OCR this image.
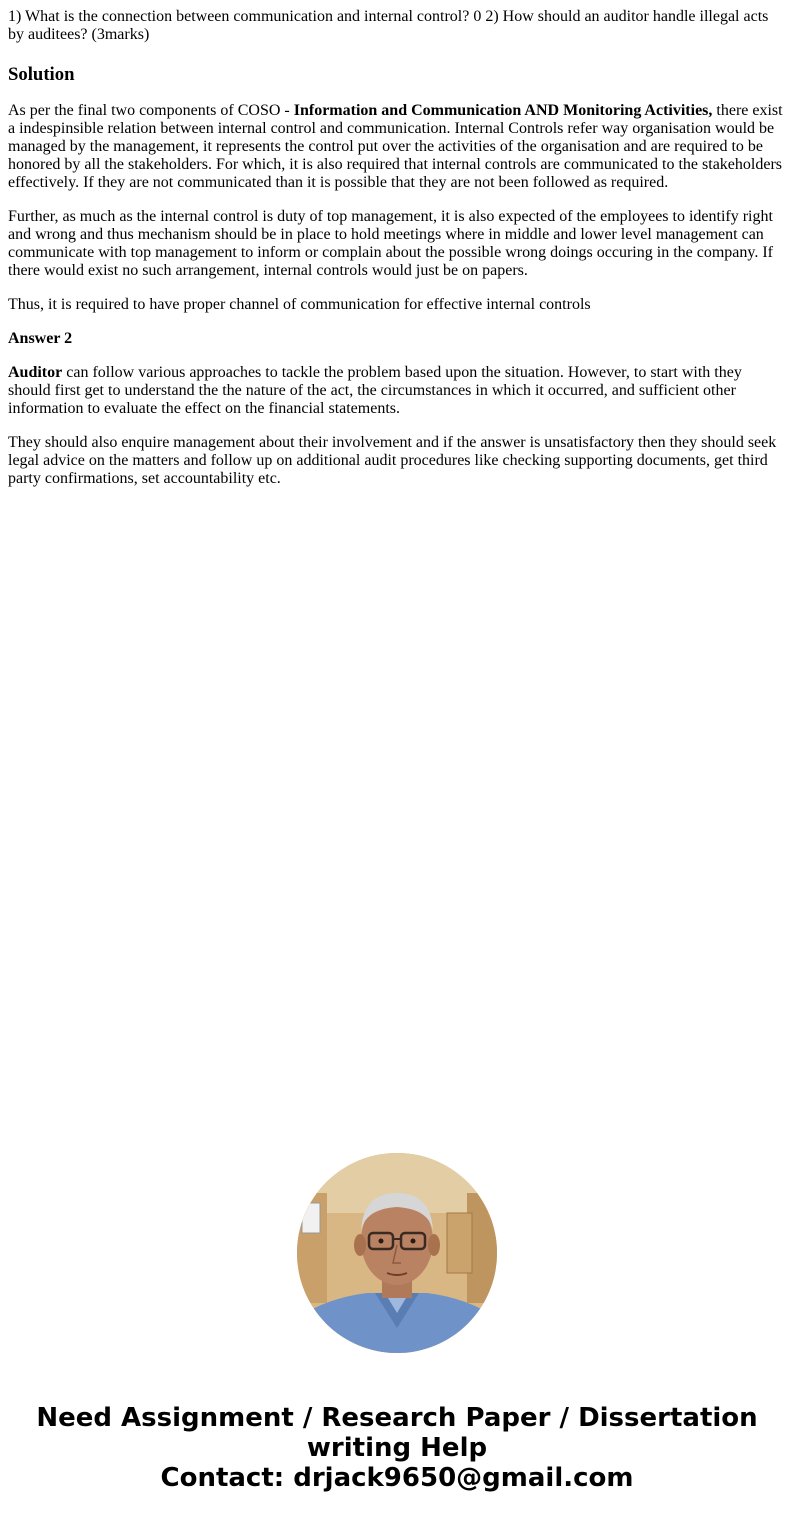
1) What is the connection between communication and internal control? 0 2) How should an auditor handle illegal acts by auditees? (3marks)
Solution

As per the final two components of COSO - Information and Communication AND Monitoring Activities, there exist a indespinsible relation between internal control and communication. Internal Controls refer way organisation would be managed by the management, it represents the control put over the activities of the organisation and are required to be honored by all the stakeholders. For which, it is also required that internal controls are communicated to the stakeholders effectively. If they are not communicated than it is possible that they are not been followed as required.

Further, as much as the internal control is duty of top management, it is also expected of the employees to identify right and wrong and thus mechanism should be in place to hold meetings where in middle and lower level management can communicate with top management to inform or complain about the possible wrong doings occuring in the company. If there would exist no such arrangement, internal controls would just be on papers.

Thus, it is required to have proper channel of communication for effective internal controls

Answer 2

Auditor can follow various approaches to tackle the problem based upon the situation. However, to start with they should first get to understand the the nature of the act, the circumstances in which it occurred, and sufficient other information to evaluate the effect on the financial statements.

They should also enquire management about their involvement and if the answer is unsatisfactory then they should seek legal advice on the matters and follow up on additional audit procedures like checking supporting documents, get third party confirmations, set accountability etc.

Need Assignment / Research Paper / Dissertation
writing Help
Contact: drjack9650@gmail.com
